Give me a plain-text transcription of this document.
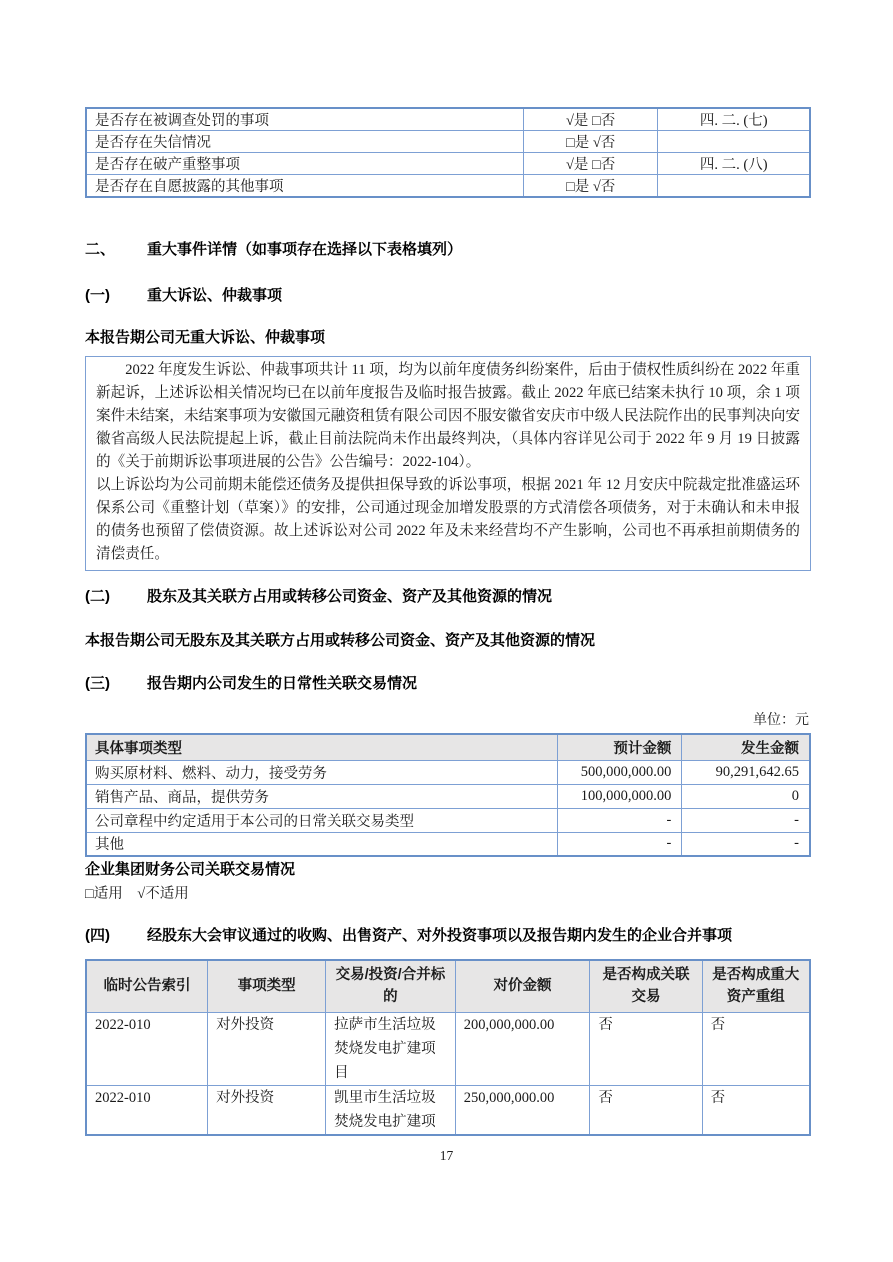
是否存在被调查处罚的事项	√是 □否	四. 二. (七)
是否存在失信情况	□是 √否	
是否存在破产重整事项	√是 □否	四. 二. (八)
是否存在自愿披露的其他事项	□是 √否	
二、	重大事件详情（如事项存在选择以下表格填列）
(一)	重大诉讼、仲裁事项
本报告期公司无重大诉讼、仲裁事项

2022 年度发生诉讼、仲裁事项共计 11 项，均为以前年度债务纠纷案件，后由于债权性质纠纷在 2022 年重新起诉，上述诉讼相关情况均已在以前年度报告及临时报告披露。截止 2022 年底已结案未执行 10 项，余 1 项案件未结案，未结案事项为安徽国元融资租赁有限公司因不服安徽省安庆市中级人民法院作出的民事判决向安徽省高级人民法院提起上诉，截止目前法院尚未作出最终判决，（具体内容详见公司于 2022 年 9 月 19 日披露的《关于前期诉讼事项进展的公告》公告编号：2022-104）。

以上诉讼均为公司前期未能偿还债务及提供担保导致的诉讼事项，根据 2021 年 12 月安庆中院裁定批准盛运环保系公司《重整计划（草案）》的安排，公司通过现金加增发股票的方式清偿各项债务，对于未确认和未申报的债务也预留了偿债资源。故上述诉讼对公司 2022 年及未来经营均不产生影响，公司也不再承担前期债务的清偿责任。

(二)	股东及其关联方占用或转移公司资金、资产及其他资源的情况
本报告期公司无股东及其关联方占用或转移公司资金、资产及其他资源的情况
(三)	报告期内公司发生的日常性关联交易情况
单位：元
具体事项类型	预计金额	发生金额
购买原材料、燃料、动力，接受劳务	500,000,000.00	90,291,642.65
销售产品、商品，提供劳务	100,000,000.00	0
公司章程中约定适用于本公司的日常关联交易类型	-	-
其他	-	-
企业集团财务公司关联交易情况
□适用　√不适用
(四)	经股东大会审议通过的收购、出售资产、对外投资事项以及报告期内发生的企业合并事项
临时公告索引	事项类型	交易/投资/合并标的	对价金额	是否构成关联交易	是否构成重大资产重组
2022-010	对外投资	拉萨市生活垃圾焚烧发电扩建项目	200,000,000.00	否	否
2022-010	对外投资	凯里市生活垃圾焚烧发电扩建项	250,000,000.00	否	否
17
